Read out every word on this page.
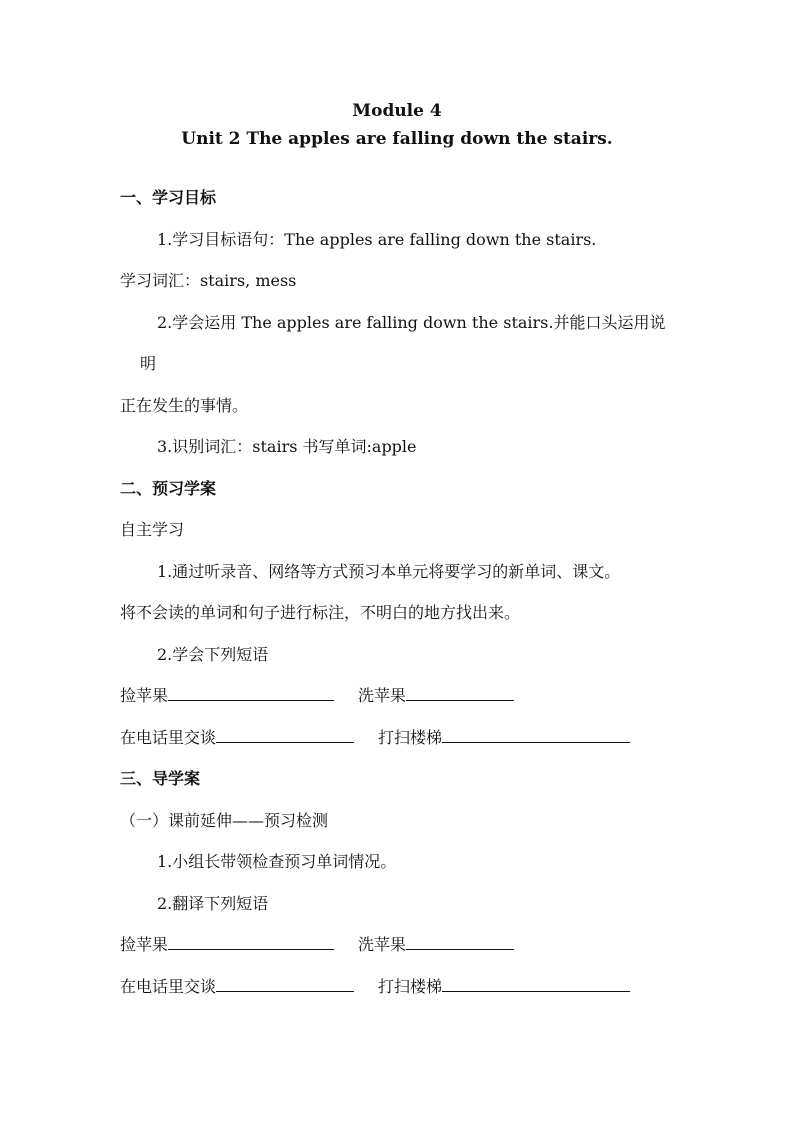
Module 4
Unit 2 The apples are falling down the stairs.
一、学习目标
1.学习目标语句：The apples are falling down the stairs.
学习词汇：stairs, mess
2.学会运用 The apples are falling down the stairs.并能口头运用说
明
正在发生的事情。
3.识别词汇：stairs 书写单词:apple
二、预习学案
自主学习
1.通过听录音、网络等方式预习本单元将要学习的新单词、课文。
将不会读的单词和句子进行标注，不明白的地方找出来。
2.学会下列短语
捡苹果	洗苹果
在电话里交谈	打扫楼梯
三、导学案
（一）课前延伸——预习检测
1.小组长带领检查预习单词情况。
2.翻译下列短语
捡苹果	洗苹果
在电话里交谈	打扫楼梯
